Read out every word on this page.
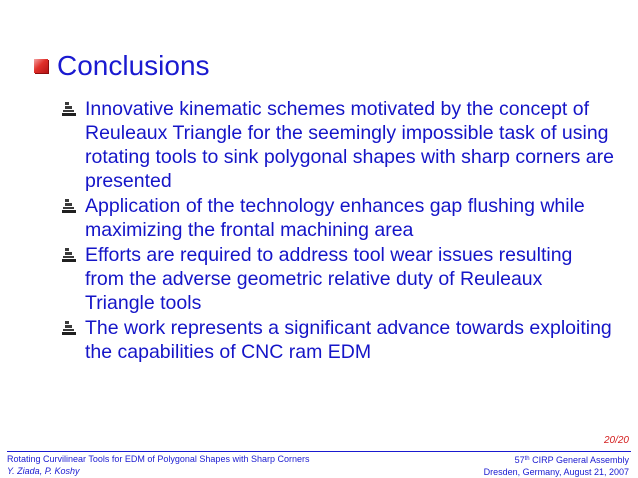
Conclusions
Innovative kinematic schemes motivated by the concept of Reuleaux Triangle for the seemingly impossible task of using rotating tools to sink polygonal shapes with sharp corners are presented
Application of the technology enhances gap flushing while maximizing the frontal machining area
Efforts are required to address tool wear issues resulting from the adverse geometric relative duty of Reuleaux Triangle tools
The work represents a significant advance towards exploiting the capabilities of CNC ram EDM
20/20
Rotating Curvilinear Tools for EDM of Polygonal Shapes with Sharp Corners
Y. Ziada, P. Koshy
57th CIRP General Assembly
Dresden, Germany, August 21, 2007
